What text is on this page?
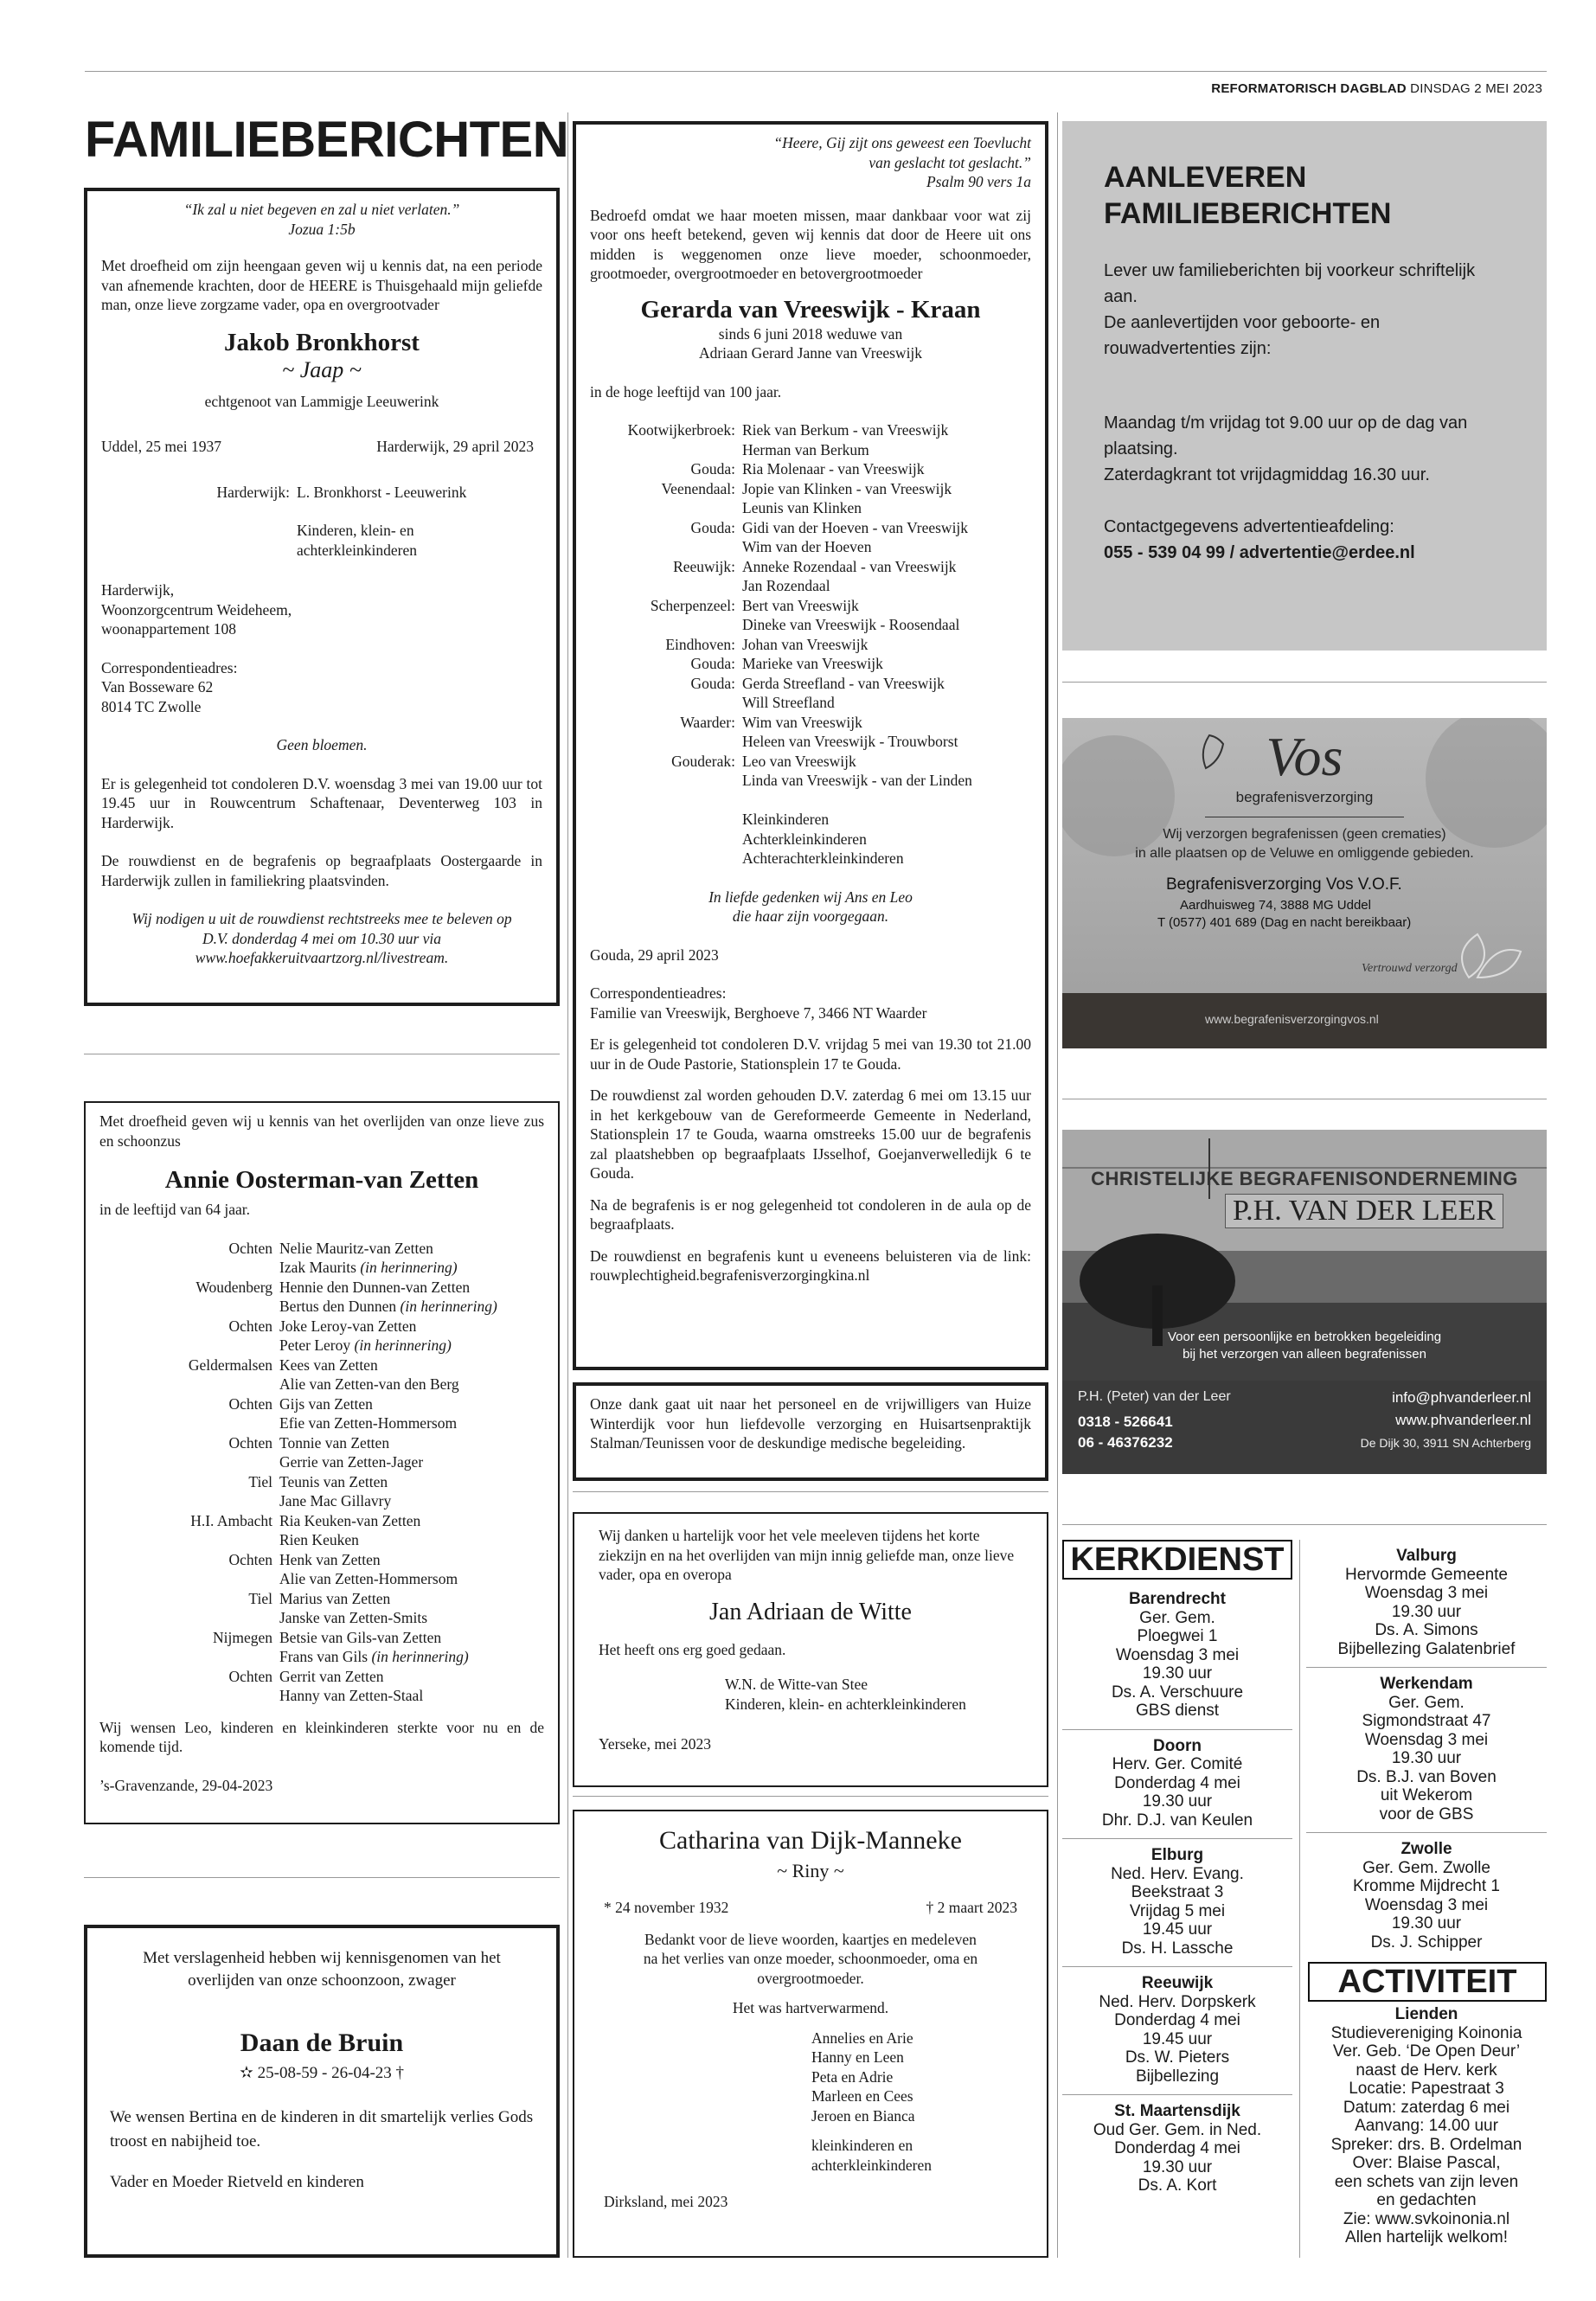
REFORMATORISCH DAGBLAD DINSDAG 2 MEI 2023
FAMILIEBERICHTEN
“Ik zal u niet begeven en zal u niet verlaten.”
Jozua 1:5b
Met droefheid om zijn heengaan geven wij u kennis dat, na een periode van afnemende krachten, door de HEERE is Thuisgehaald mijn geliefde man, onze lieve zorgzame vader, opa en overgrootvader
Jakob Bronkhorst
~ Jaap ~
echtgenoot van Lammigje Leeuwerink
Uddel, 25 mei 1937	Harderwijk, 29 april 2023
Harderwijk: L. Bronkhorst - Leeuwerink
Kinderen, klein- en
achterkleinkinderen
Harderwijk,
Woonzorgcentrum Weideheem,
woonappartement 108
Correspondentieadres:
Van Bosseware 62
8014 TC Zwolle
Geen bloemen.
Er is gelegenheid tot condoleren D.V. woensdag 3 mei van 19.00 uur tot 19.45 uur in Rouwcentrum Schaftenaar, Deventerweg 103 in Harderwijk.
De rouwdienst en de begrafenis op begraafplaats Oostergaarde in Harderwijk zullen in familiekring plaatsvinden.
Wij nodigen u uit de rouwdienst rechtstreeks mee te beleven op D.V. donderdag 4 mei om 10.30 uur via www.hoefakkeruitvaartzorg.nl/livestream.
Met droefheid geven wij u kennis van het overlijden van onze lieve zus en schoonzus
Annie Oosterman-van Zetten
in de leeftijd van 64 jaar.
Ochten Nelie Mauritz-van Zetten
Izak Maurits (in herinnering)
Woudenberg Hennie den Dunnen-van Zetten
Bertus den Dunnen (in herinnering)
Ochten Joke Leroy-van Zetten
Peter Leroy (in herinnering)
Geldermalsen Kees van Zetten
Alie van Zetten-van den Berg
Ochten Gijs van Zetten
Efie van Zetten-Hommersom
Ochten Tonnie van Zetten
Gerrie van Zetten-Jager
Tiel Teunis van Zetten
Jane Mac Gillavry
H.I. Ambacht Ria Keuken-van Zetten
Rien Keuken
Ochten Henk van Zetten
Alie van Zetten-Hommersom
Tiel Marius van Zetten
Janske van Zetten-Smits
Nijmegen Betsie van Gils-van Zetten
Frans van Gils (in herinnering)
Ochten Gerrit van Zetten
Hanny van Zetten-Staal
Wij wensen Leo, kinderen en kleinkinderen sterkte voor nu en de komende tijd.
’s-Gravenzande, 29-04-2023
Met verslagenheid hebben wij kennisgenomen van het overlijden van onze schoonzoon, zwager
Daan de Bruin
✫ 25-08-59 - 26-04-23 †
We wensen Bertina en de kinderen in dit smartelijk verlies Gods troost en nabijheid toe.
Vader en Moeder Rietveld en kinderen
“Heere, Gij zijt ons geweest een Toevlucht
van geslacht tot geslacht.”
Psalm 90 vers 1a
Bedroefd omdat we haar moeten missen, maar dankbaar voor wat zij voor ons heeft betekend, geven wij kennis dat door de Heere uit ons midden is weggenomen onze lieve moeder, schoonmoeder, grootmoeder, overgrootmoeder en betovergrootmoeder
Gerarda van Vreeswijk - Kraan
sinds 6 juni 2018 weduwe van
Adriaan Gerard Janne van Vreeswijk
in de hoge leeftijd van 100 jaar.
Kootwijkerbroek: Riek van Berkum - van Vreeswijk
Herman van Berkum
Gouda: Ria Molenaar - van Vreeswijk
Veenendaal: Jopie van Klinken - van Vreeswijk
Leunis van Klinken
Gouda: Gidi van der Hoeven - van Vreeswijk
Wim van der Hoeven
Reeuwijk: Anneke Rozendaal - van Vreeswijk
Jan Rozendaal
Scherpenzeel: Bert van Vreeswijk
Dineke van Vreeswijk - Roosendaal
Eindhoven: Johan van Vreeswijk
Gouda: Marieke van Vreeswijk
Gouda: Gerda Streefland - van Vreeswijk
Will Streefland
Waarder: Wim van Vreeswijk
Heleen van Vreeswijk - Trouwborst
Gouderak: Leo van Vreeswijk
Linda van Vreeswijk - van der Linden

Kleinkinderen
Achterkleinkinderen
Achterachterkleinkinderen
In liefde gedenken wij Ans en Leo
die haar zijn voorgegaan.
Gouda, 29 april 2023
Correspondentieadres:
Familie van Vreeswijk, Berghoeve 7, 3466 NT Waarder
Er is gelegenheid tot condoleren D.V. vrijdag 5 mei van 19.30 tot 21.00 uur in de Oude Pastorie, Stationsplein 17 te Gouda.
De rouwdienst zal worden gehouden D.V. zaterdag 6 mei om 13.15 uur in het kerkgebouw van de Gereformeerde Gemeente in Nederland, Stationsplein 17 te Gouda, waarna omstreeks 15.00 uur de begrafenis zal plaatshebben op begraafplaats IJsselhof, Goejanverwelledijk 6 te Gouda.
Na de begrafenis is er nog gelegenheid tot condoleren in de aula op de begraafplaats.
De rouwdienst en begrafenis kunt u eveneens beluisteren via de link: rouwplechtigheid.begrafenisverzorgingkina.nl
Onze dank gaat uit naar het personeel en de vrijwilligers van Huize Winterdijk voor hun liefdevolle verzorging en Huisartsenpraktijk Stalman/Teunissen voor de deskundige medische begeleiding.
Wij danken u hartelijk voor het vele meeleven tijdens het korte ziekzijn en na het overlijden van mijn innig geliefde man, onze lieve vader, opa en overopa
Jan Adriaan de Witte
Het heeft ons erg goed gedaan.
W.N. de Witte-van Stee
Kinderen, klein- en achterkleinkinderen
Yerseke, mei 2023
Catharina van Dijk-Manneke
~ Riny ~
* 24 november 1932	† 2 maart 2023
Bedankt voor de lieve woorden, kaartjes en medeleven na het verlies van onze moeder, schoonmoeder, oma en overgrootmoeder.
Het was hartverwarmend.
Annelies en Arie
Hanny en Leen
Peta en Adrie
Marleen en Cees
Jeroen en Bianca
kleinkinderen en
achterkleinkinderen
Dirksland, mei 2023
AANLEVEREN
FAMILIEBERICHTEN
Lever uw familieberichten bij voorkeur schriftelijk aan.
De aanlevertijden voor geboorte- en rouwadvertenties zijn:
Maandag t/m vrijdag tot 9.00 uur op de dag van plaatsing.
Zaterdagkrant tot vrijdagmiddag 16.30 uur.
Contactgegevens advertentieafdeling:
055 - 539 04 99 / advertentie@erdee.nl
Vos
begrafenisverzorging
Wij verzorgen begrafenissen (geen crematies)
in alle plaatsen op de Veluwe en omliggende gebieden.
Begrafenisverzorging Vos V.O.F.
Aardhuisweg 74, 3888 MG Uddel
T (0577) 401 689 (Dag en nacht bereikbaar)
Vertrouwd verzorgd
www.begrafenisverzorgingvos.nl
CHRISTELIJKE BEGRAFENISONDERNEMING
P.H. VAN DER LEER
Voor een persoonlijke en betrokken begeleiding
bij het verzorgen van alleen begrafenissen
P.H. (Peter) van der Leer
0318 - 526641
06 - 46376232
info@phvanderleer.nl
www.phvanderleer.nl
De Dijk 30, 3911 SN Achterberg
KERKDIENST
Barendrecht
Ger. Gem.
Ploegwei 1
Woensdag 3 mei
19.30 uur
Ds. A. Verschuure
GBS dienst
Doorn
Herv. Ger. Comité
Donderdag 4 mei
19.30 uur
Dhr. D.J. van Keulen
Elburg
Ned. Herv. Evang.
Beekstraat 3
Vrijdag 5 mei
19.45 uur
Ds. H. Lassche
Reeuwijk
Ned. Herv. Dorpskerk
Donderdag 4 mei
19.45 uur
Ds. W. Pieters
Bijbellezing
St. Maartensdijk
Oud Ger. Gem. in Ned.
Donderdag 4 mei
19.30 uur
Ds. A. Kort
Valburg
Hervormde Gemeente
Woensdag 3 mei
19.30 uur
Ds. A. Simons
Bijbellezing Galatenbrief
Werkendam
Ger. Gem.
Sigmondstraat 47
Woensdag 3 mei
19.30 uur
Ds. B.J. van Boven
uit Wekerom
voor de GBS
Zwolle
Ger. Gem. Zwolle
Kromme Mijdrecht 1
Woensdag 3 mei
19.30 uur
Ds. J. Schipper
ACTIVITEIT
Lienden
Studievereniging Koinonia
Ver. Geb. ‘De Open Deur’
naast de Herv. kerk
Locatie: Papestraat 3
Datum: zaterdag 6 mei
Aanvang: 14.00 uur
Spreker: drs. B. Ordelman
Over: Blaise Pascal,
een schets van zijn leven
en gedachten
Zie: www.svkoinonia.nl
Allen hartelijk welkom!
